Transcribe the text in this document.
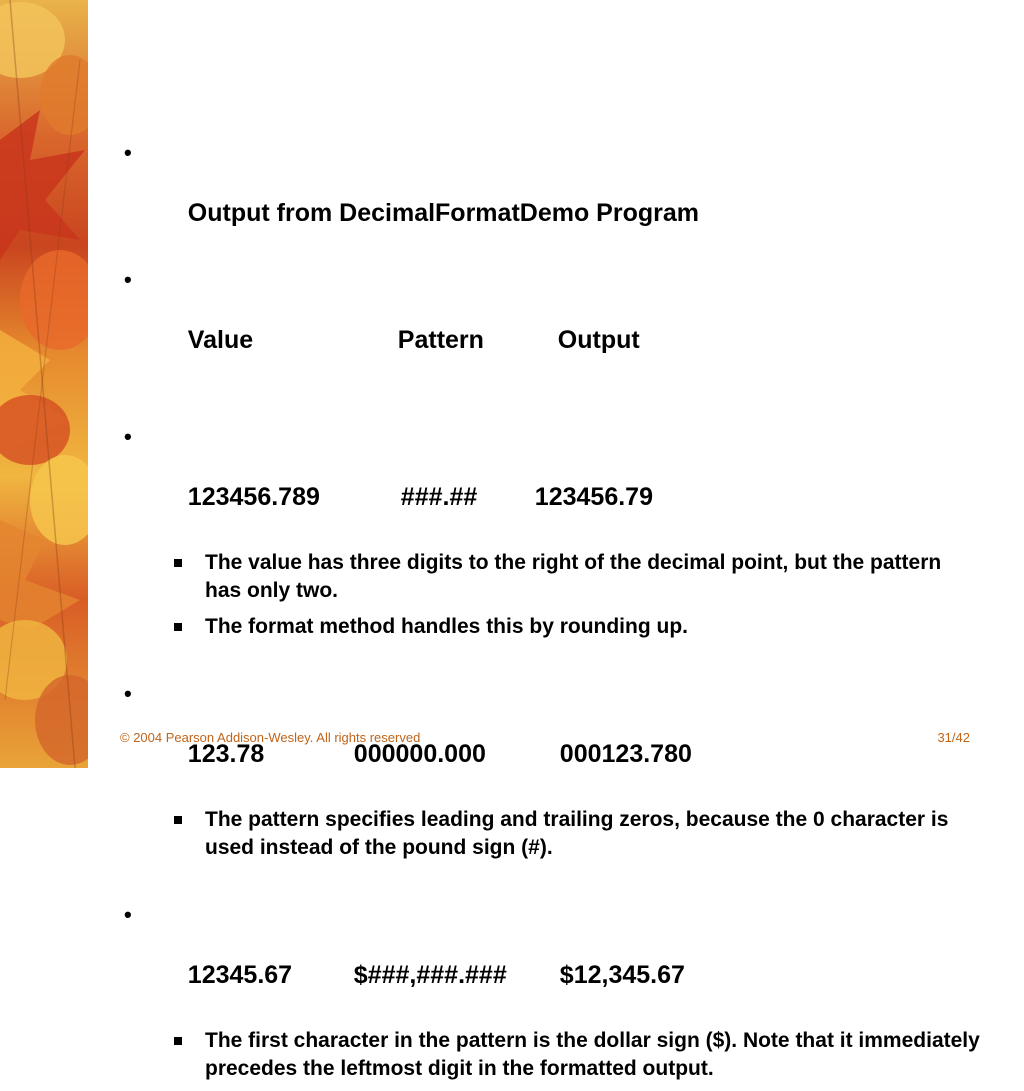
•

Output from DecimalFormatDemo Program

•

Value	Pattern	Output

•

123456.789	###.## 123456.79

The value has three digits to the right of the decimal point, but the pattern has only two.
The format method handles this by rounding up.

•

123.78	000000.000	000123.780

The pattern specifies leading and trailing zeros, because the 0 character is used instead of the pound sign (#).

•

12345.67 $###,###.### $12,345.67

The first character in the pattern is the dollar sign ($). Note that it immediately precedes the leftmost digit in the formatted output.
© 2004 Pearson Addison-Wesley. All rights reserved	31/42
